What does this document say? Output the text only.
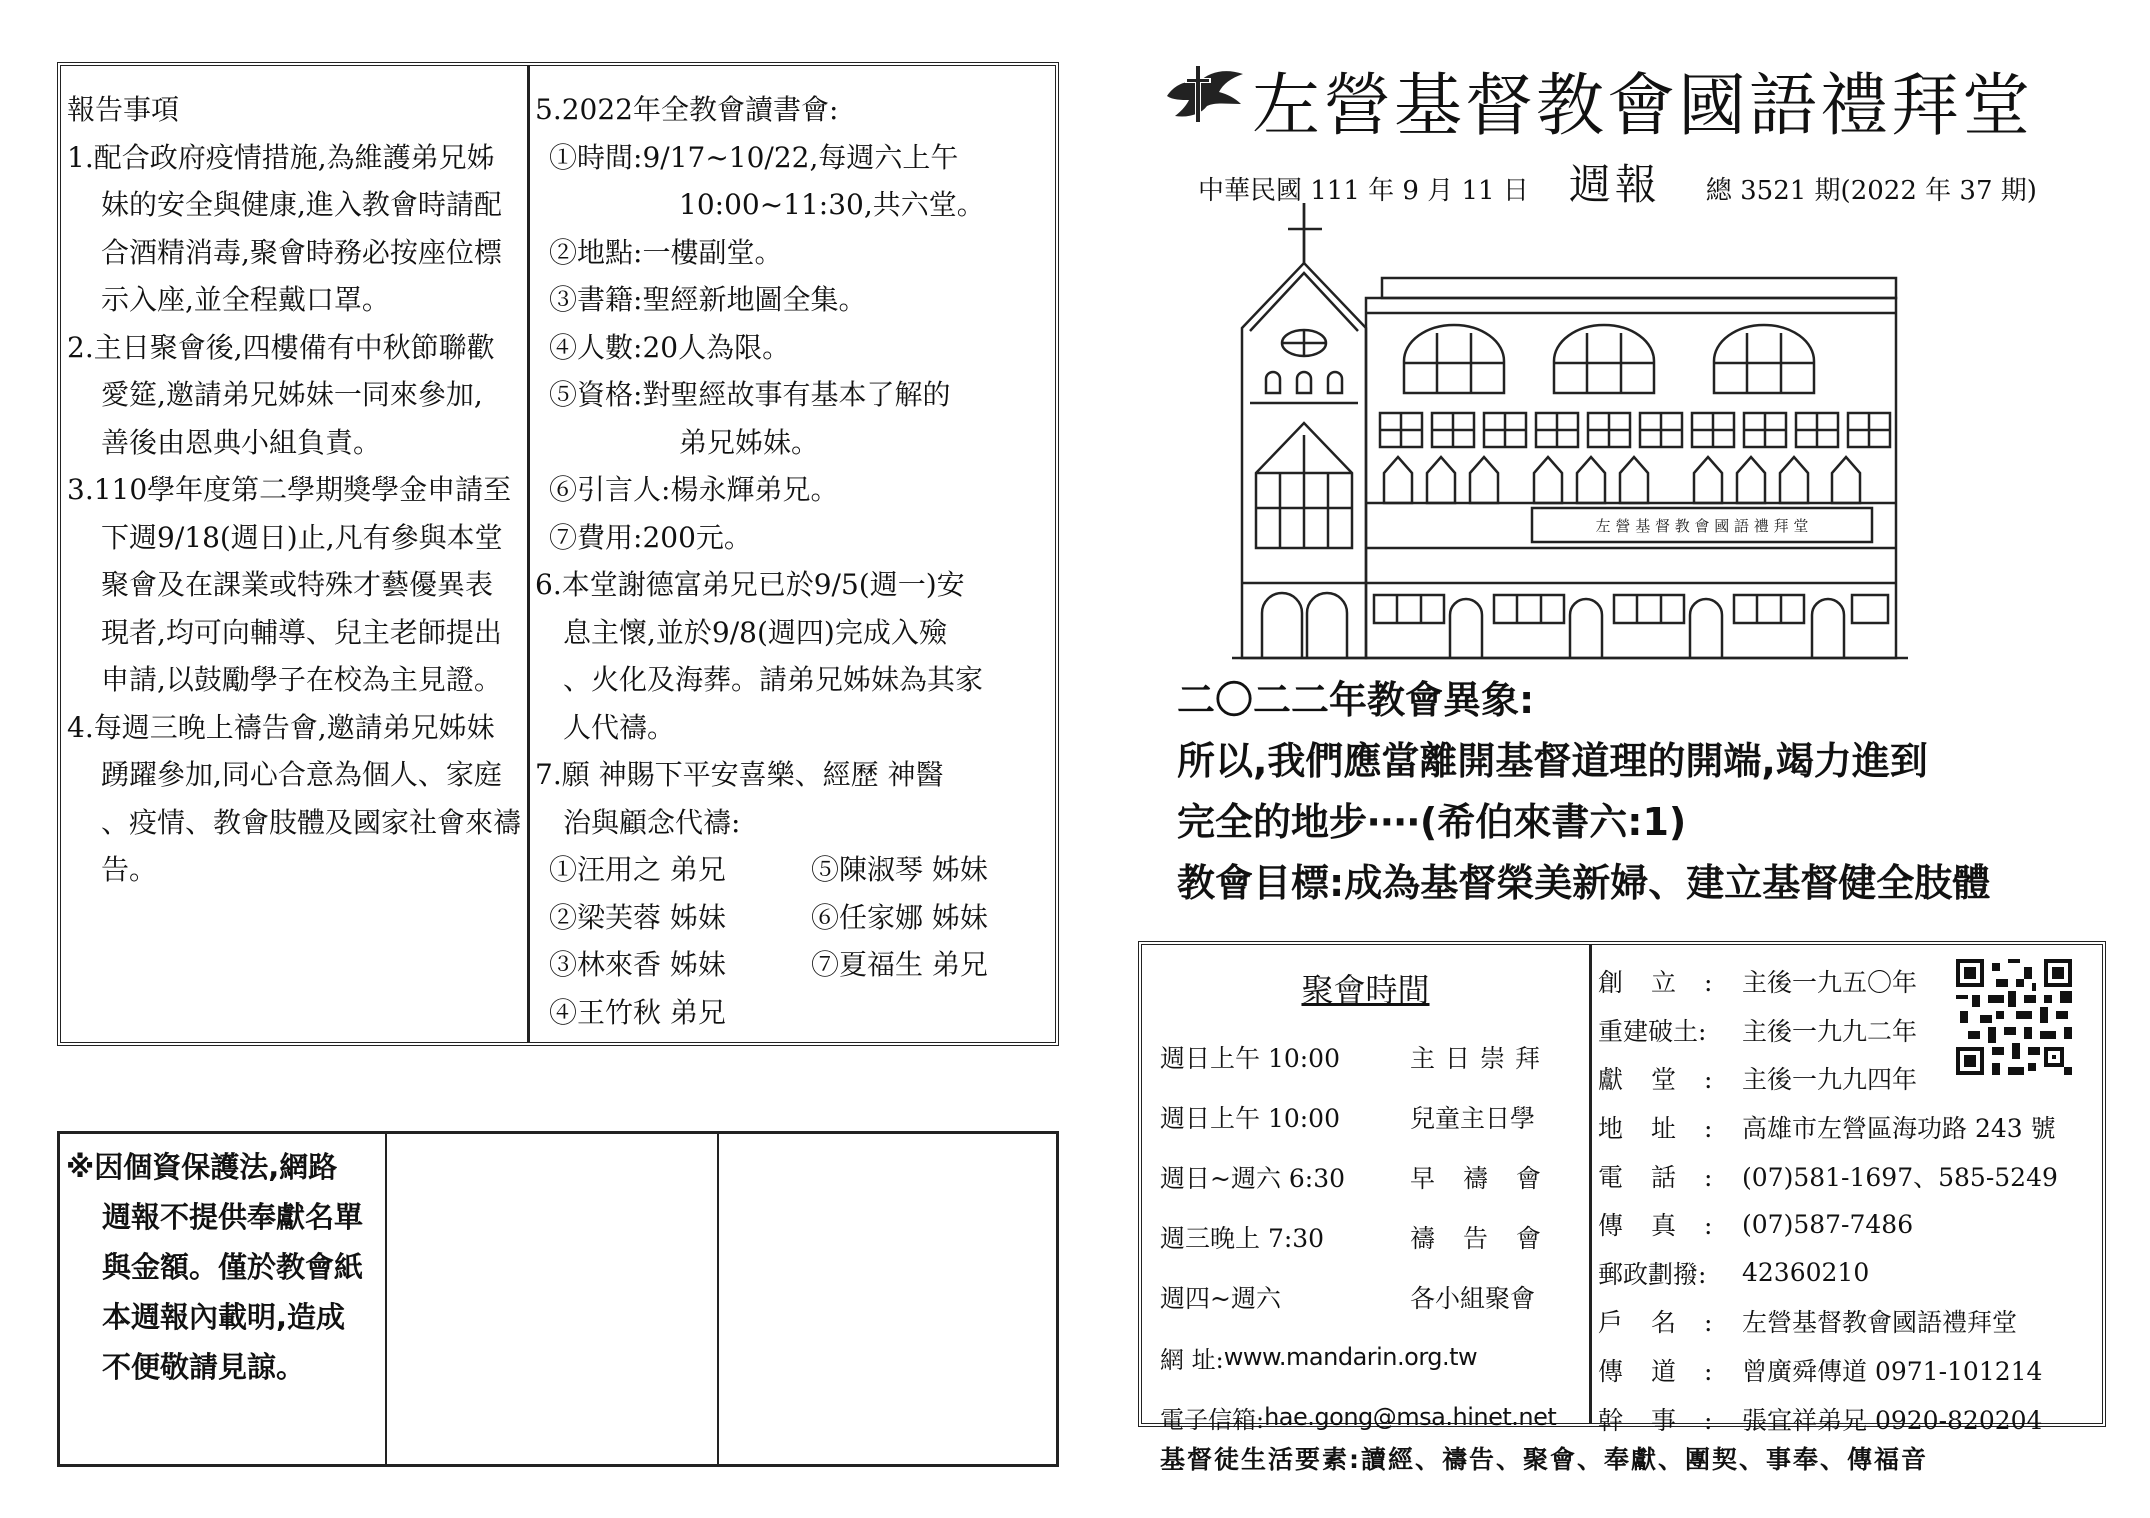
報告事項
1. 配合政府疫情措施,為維護弟兄姊
妹的安全與健康,進入教會時請配
合酒精消毒,聚會時務必按座位標
示入座,並全程戴口罩。
2. 主日聚會後,四樓備有中秋節聯歡
愛筵,邀請弟兄姊妹一同來參加,
善後由恩典小組負責。
3. 110學年度第二學期獎學金申請至
下週9/18(週日)止,凡有參與本堂
聚會及在課業或特殊才藝優異表
現者,均可向輔導、兒主老師提出
申請,以鼓勵學子在校為主見證。
4. 每週三晚上禱告會,邀請弟兄姊妹
踴躍參加,同心合意為個人、家庭
、疫情、教會肢體及國家社會來禱
告。
5.2022年全教會讀書會:
①時間:9/17~10/22,每週六上午
10:00~11:30,共六堂。
②地點:一樓副堂。
③書籍:聖經新地圖全集。
④人數:20人為限。
⑤資格:對聖經故事有基本了解的
弟兄姊妹。
⑥引言人:楊永輝弟兄。
⑦費用:200元。
6.本堂謝德富弟兄已於9/5(週一)安
息主懷,並於9/8(週四)完成入殮
、火化及海葬。請弟兄姊妹為其家
人代禱。
7.願 神賜下平安喜樂、經歷 神醫
治與顧念代禱:
①汪用之 弟兄	⑤陳淑琴 姊妹
②梁芙蓉 姊妹	⑥任家娜 姊妹
③林來香 姊妹	⑦夏福生 弟兄
④王竹秋 弟兄
※因個資保護法,網路
週報不提供奉獻名單
與金額。僅於教會紙
本週報內載明,造成
不便敬請見諒。
左營基督教會國語禮拜堂
中華民國 111 年 9 月 11 日 週報 總 3521 期(2022 年 37 期)
左 營 基 督 教 會 國 語 禮 拜 堂
二〇二二年教會異象:
所以,我們應當離開基督道理的開端,竭力進到
完全的地步‧‧‧‧(希伯來書六:1)
教會目標:成為基督榮美新婦、建立基督健全肢體
聚會時間
週日上午 10:00	主日崇拜
週日上午 10:00	兒童主日學
週日~週六 6:30	早 禱 會
週三晚上 7:30	禱 告 會
週四~週六	各小組聚會
網 址: www.mandarin.org.tw
電子信箱: hae.gong@msa.hinet.net
創立: 主後一九五〇年
重建破土:	主後一九九二年
獻堂: 主後一九九四年
地址: 高雄市左營區海功路 243 號
電話: (07)581-1697、585-5249
傳真: (07)587-7486
郵政劃撥:	42360210
戶名: 左營基督教會國語禮拜堂
傳道: 曾廣舜傳道 0971-101214
幹事: 張宜祥弟兄 0920-820204
基督徒生活要素:讀經、禱告、聚會、奉獻、團契、事奉、傳福音
